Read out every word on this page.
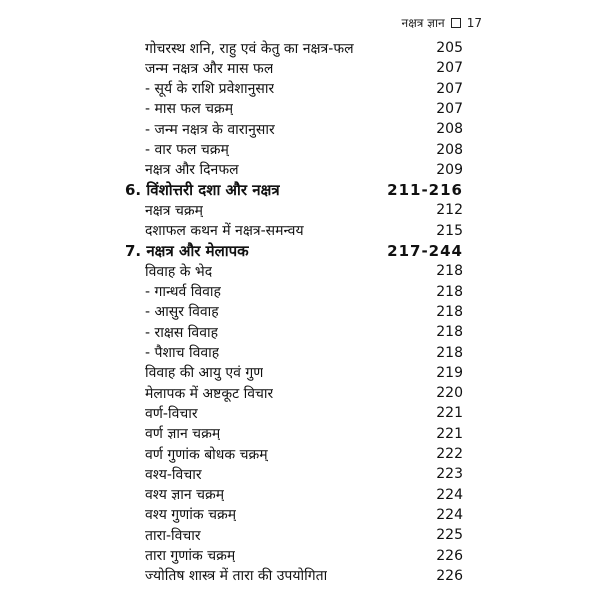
नक्षत्र ज्ञान 17
गोचरस्थ शनि, राहु एवं केतु का नक्षत्र-फल	205
जन्म नक्षत्र और मास फल	207
- सूर्य के राशि प्रवेशानुसार	207
- मास फल चक्रम्	207
- जन्म नक्षत्र के वारानुसार	208
- वार फल चक्रम्	208
नक्षत्र और दिनफल	209
6. विंशोत्तरी दशा और नक्षत्र	211-216
नक्षत्र चक्रम्	212
दशाफल कथन में नक्षत्र-समन्वय	215
7. नक्षत्र और मेलापक	217-244
विवाह के भेद	218
- गान्धर्व विवाह	218
- आसुर विवाह	218
- राक्षस विवाह	218
- पैशाच विवाह	218
विवाह की आयु एवं गुण	219
मेलापक में अष्टकूट विचार	220
वर्ण-विचार	221
वर्ण ज्ञान चक्रम्	221
वर्ण गुणांक बोधक चक्रम्	222
वश्य-विचार	223
वश्य ज्ञान चक्रम्	224
वश्य गुणांक चक्रम्	224
तारा-विचार	225
तारा गुणांक चक्रम्	226
ज्योतिष शास्त्र में तारा की उपयोगिता	226
